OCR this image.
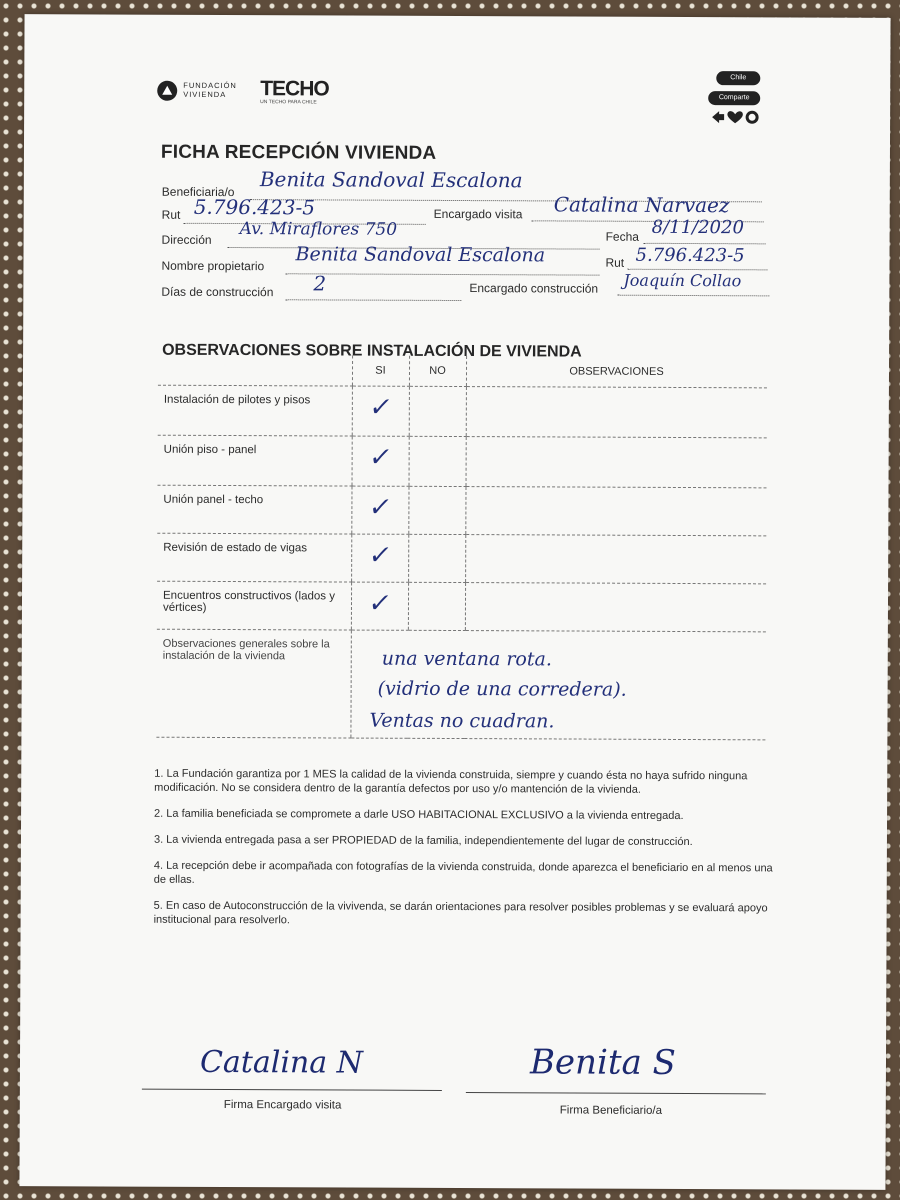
FUNDACIÓN
VIVIENDA TECHO
UN TECHO PARA CHILE
Chile
Comparte
FICHA RECEPCIÓN VIVIENDA
Beneficiaria/o Benita Sandoval Escalona
Rut 5.796.423-5	Encargado visita Catalina Narvaez
Dirección
Av. Miraflores 750	Fecha 8/11/2020
Nombre propietario Benita Sandoval Escalona	Rut 5.796.423-5
Días de construcción 2	Encargado construcción Joaquín Collao
OBSERVACIONES SOBRE INSTALACIÓN DE VIVIENDA
	SI	NO	OBSERVACIONES
Instalación de pilotes y pisos	✓		

Unión piso - panel	✓		

Unión panel - techo	✓		

Revisión de estado de vigas	✓		

Encuentros constructivos (lados y vértices)	✓		

Observaciones generales sobre la instalación de la vivienda				una ventana rota.
(vidrio de una corredera).
Ventas no cuadran.

1. La Fundación garantiza por 1 MES la calidad de la vivienda construida, siempre y cuando ésta no haya sufrido ninguna modificación. No se considera dentro de la garantía defectos por uso y/o mantención de la vivienda.

2. La familia beneficiada se compromete a darle USO HABITACIONAL EXCLUSIVO a la vivienda entregada.

3. La vivienda entregada pasa a ser PROPIEDAD de la familia, independientemente del lugar de construcción.

4. La recepción debe ir acompañada con fotografías de la vivienda construida, donde aparezca el beneficiario en al menos una de ellas.

5. En caso de Autoconstrucción de la vivivenda, se darán orientaciones para resolver posibles problemas y se evaluará apoyo institucional para resolverlo.

Catalina N
Firma Encargado visita
Benita S
Firma Beneficiario/a
